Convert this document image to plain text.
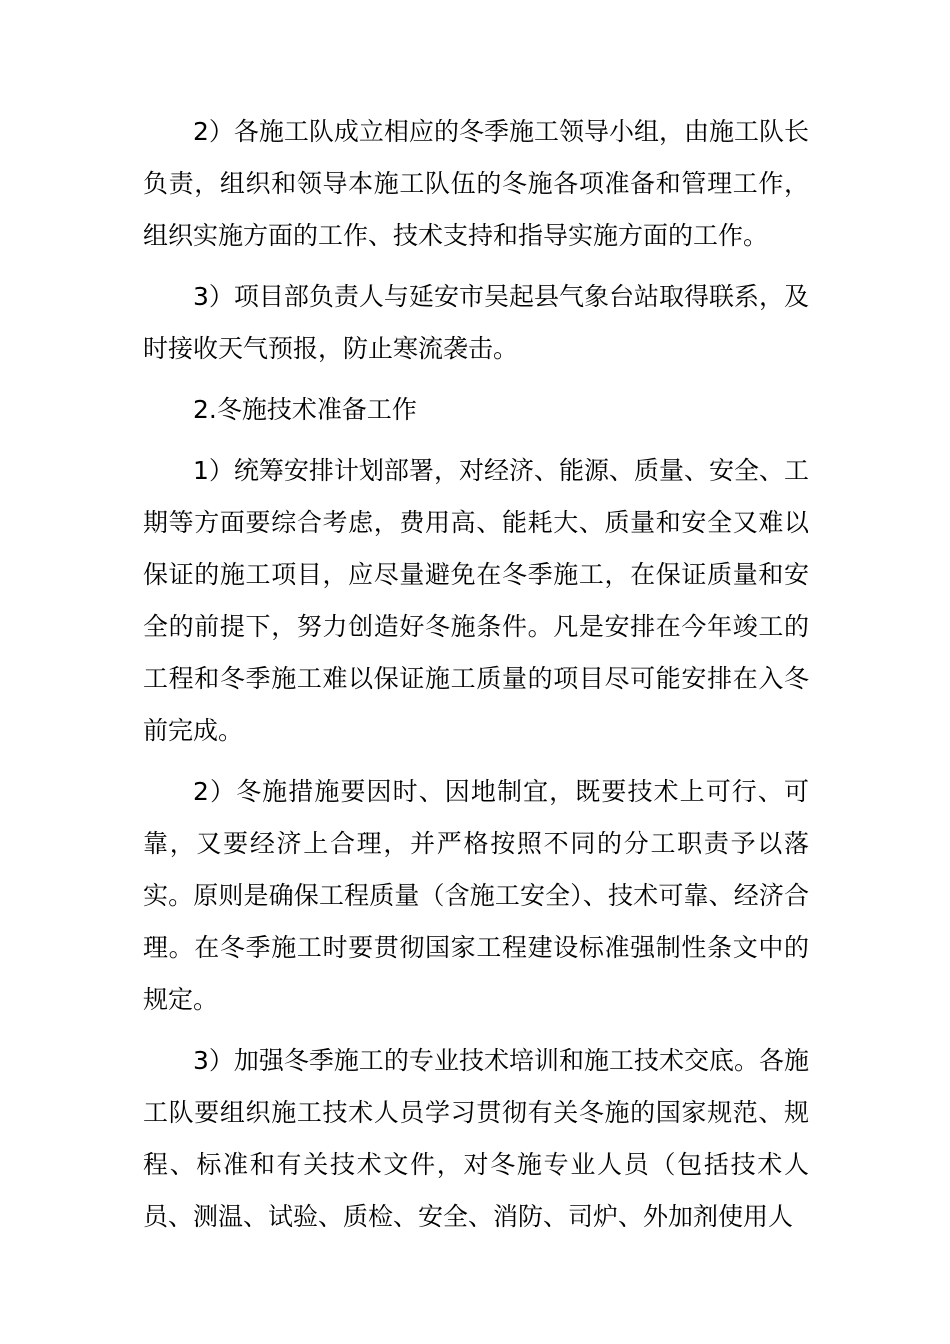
2）各施工队成立相应的冬季施工领导小组，由施工队长负责，组织和领导本施工队伍的冬施各项准备和管理工作，组织实施方面的工作、技术支持和指导实施方面的工作。

3）项目部负责人与延安市吴起县气象台站取得联系，及时接收天气预报，防止寒流袭击。

2.冬施技术准备工作

1）统筹安排计划部署，对经济、能源、质量、安全、工期等方面要综合考虑，费用高、能耗大、质量和安全又难以保证的施工项目，应尽量避免在冬季施工，在保证质量和安全的前提下，努力创造好冬施条件。凡是安排在今年竣工的工程和冬季施工难以保证施工质量的项目尽可能安排在入冬前完成。

2）冬施措施要因时、因地制宜，既要技术上可行、可靠，又要经济上合理，并严格按照不同的分工职责予以落实。原则是确保工程质量（含施工安全）、技术可靠、经济合理。在冬季施工时要贯彻国家工程建设标准强制性条文中的规定。

3）加强冬季施工的专业技术培训和施工技术交底。各施工队要组织施工技术人员学习贯彻有关冬施的国家规范、规程、标准和有关技术文件，对冬施专业人员（包括技术人员、测温、试验、质检、安全、消防、司炉、外加剂使用人
